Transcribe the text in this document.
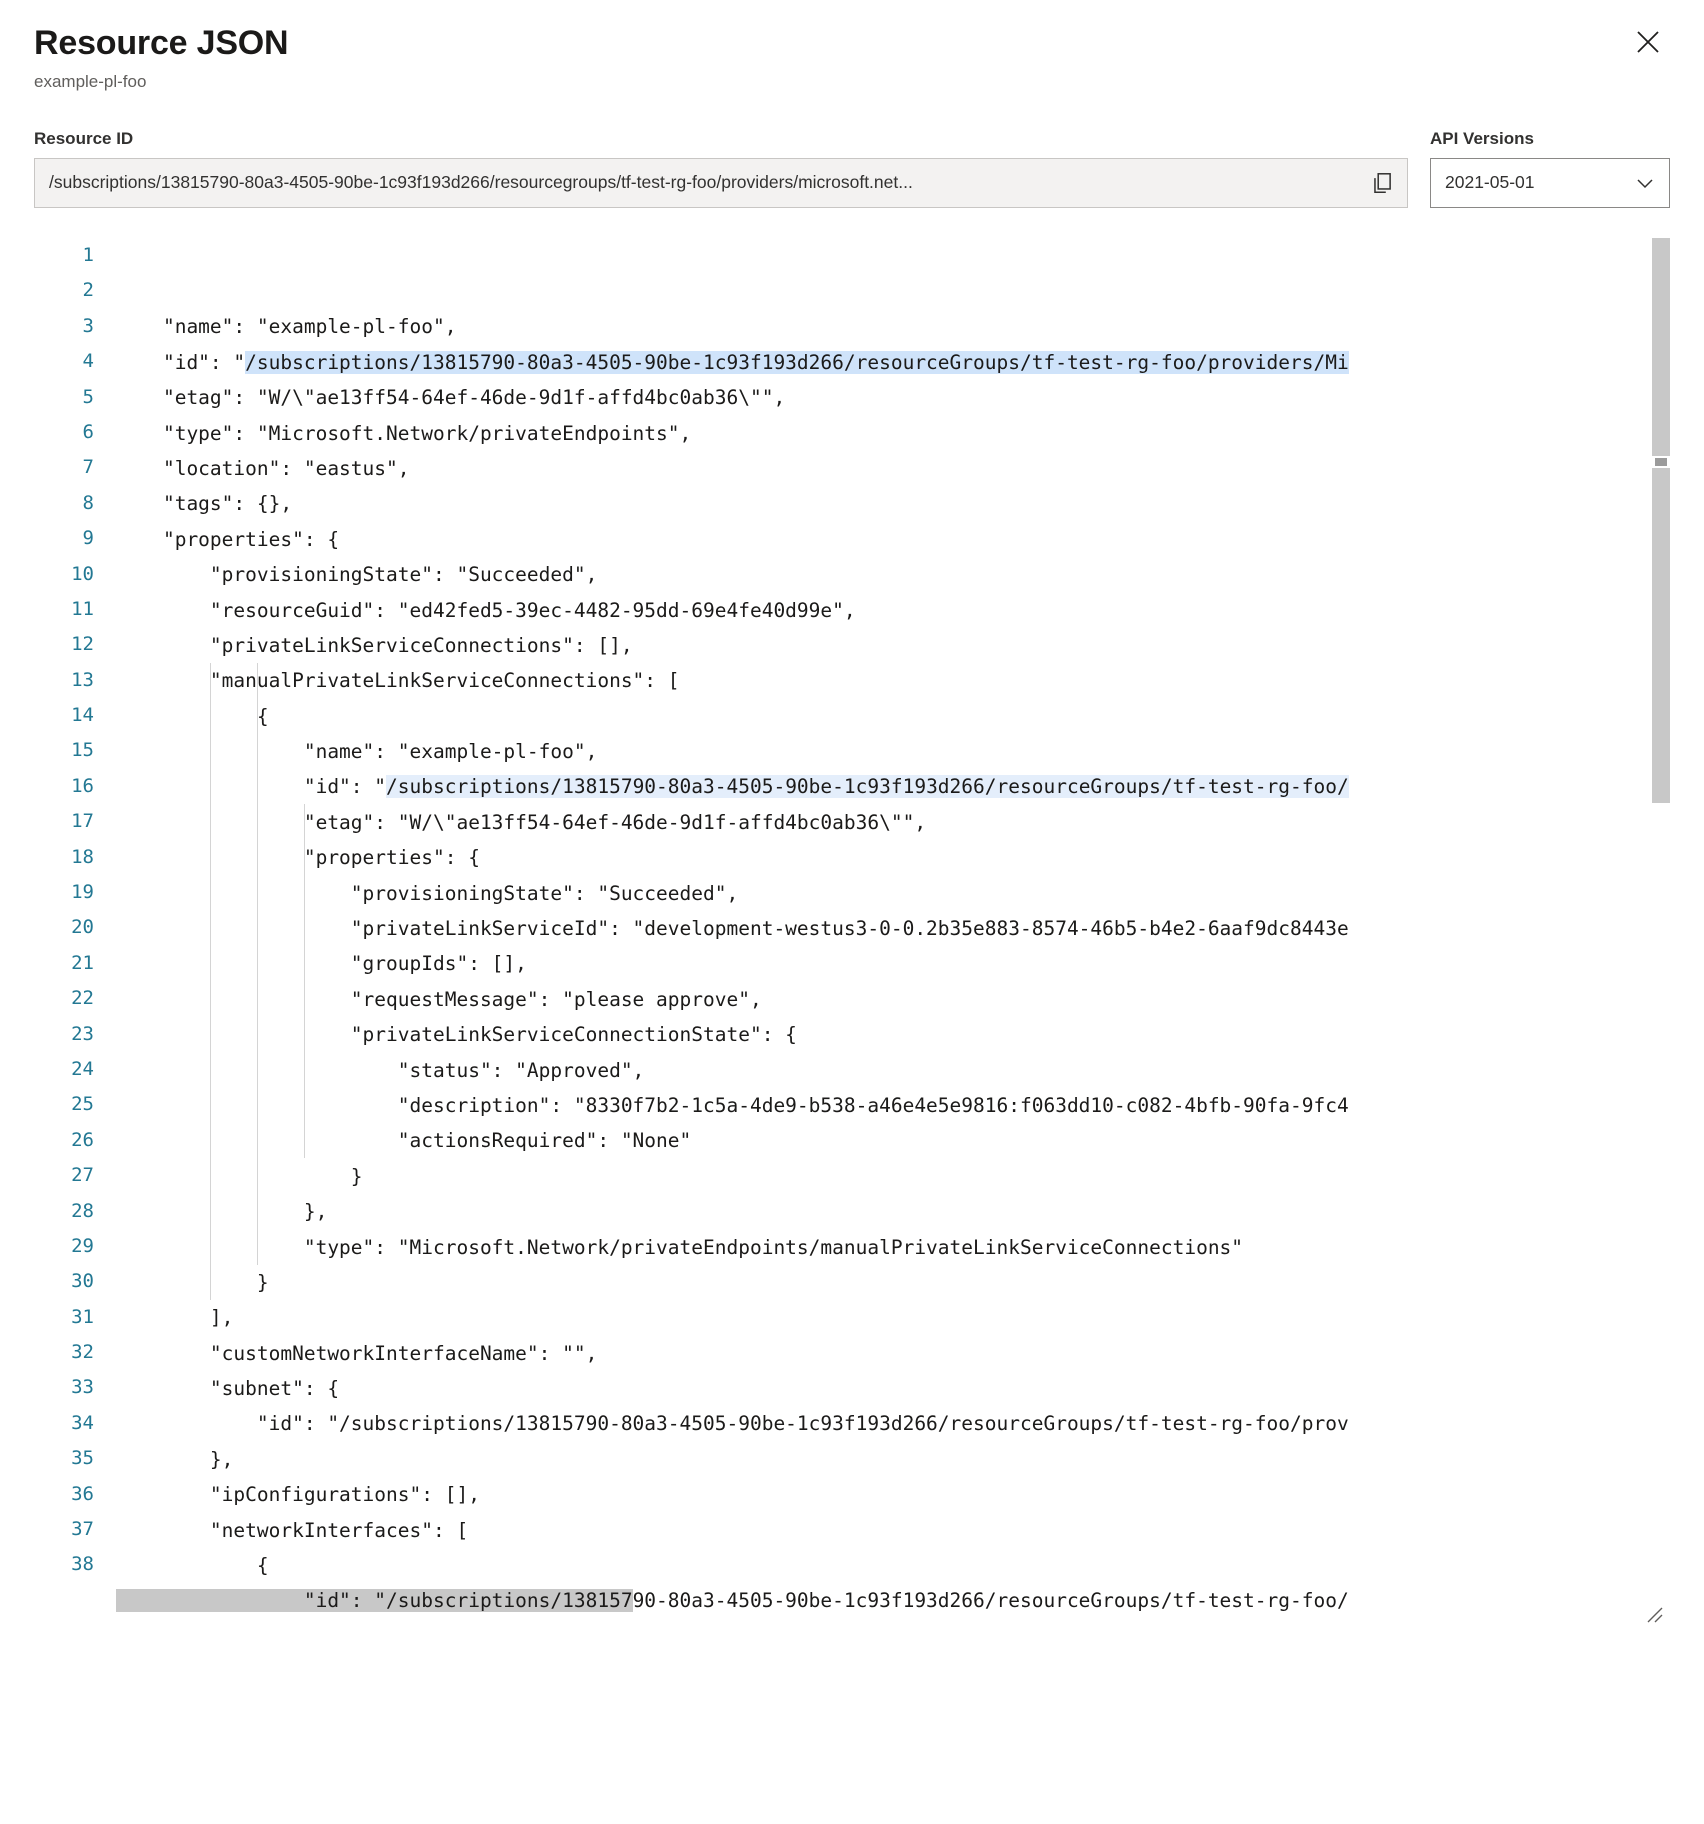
Resource JSON
example-pl-foo
Resource ID
/subscriptions/13815790-80a3-4505-90be-1c93f193d266/resourcegroups/tf-test-rg-foo/providers/microsoft.net...
API Versions
2021-05-01
1
2
3
4
5
6
7
8
9
10
11
12
13
14
15
16
17
18
19
20
21
22
23
24
25
26
27
28
29
30
31
32
33
34
35
36
37
38

"name": "example-pl-foo",
"id": "/subscriptions/13815790-80a3-4505-90be-1c93f193d266/resourceGroups/tf-test-rg-foo/providers/Mi
"etag": "W/\"ae13ff54-64ef-46de-9d1f-affd4bc0ab36\"",
"type": "Microsoft.Network/privateEndpoints",
"location": "eastus",
"tags": {},
"properties": {
"provisioningState": "Succeeded",
"resourceGuid": "ed42fed5-39ec-4482-95dd-69e4fe40d99e",
"privateLinkServiceConnections": [],
"manualPrivateLinkServiceConnections": [
{
"name": "example-pl-foo",
"id": "/subscriptions/13815790-80a3-4505-90be-1c93f193d266/resourceGroups/tf-test-rg-foo/
"etag": "W/\"ae13ff54-64ef-46de-9d1f-affd4bc0ab36\"",
"properties": {
"provisioningState": "Succeeded",
"privateLinkServiceId": "development-westus3-0-0.2b35e883-8574-46b5-b4e2-6aaf9dc8443e
"groupIds": [],
"requestMessage": "please approve",
"privateLinkServiceConnectionState": {
"status": "Approved",
"description": "8330f7b2-1c5a-4de9-b538-a46e4e5e9816:f063dd10-c082-4bfb-90fa-9fc4
"actionsRequired": "None"
}
},
"type": "Microsoft.Network/privateEndpoints/manualPrivateLinkServiceConnections"
}
],
"customNetworkInterfaceName": "",
"subnet": {
"id": "/subscriptions/13815790-80a3-4505-90be-1c93f193d266/resourceGroups/tf-test-rg-foo/prov
},
"ipConfigurations": [],
"networkInterfaces": [
{
"id": "/subscriptions/13815790-80a3-4505-90be-1c93f193d266/resourceGroups/tf-test-rg-foo/
